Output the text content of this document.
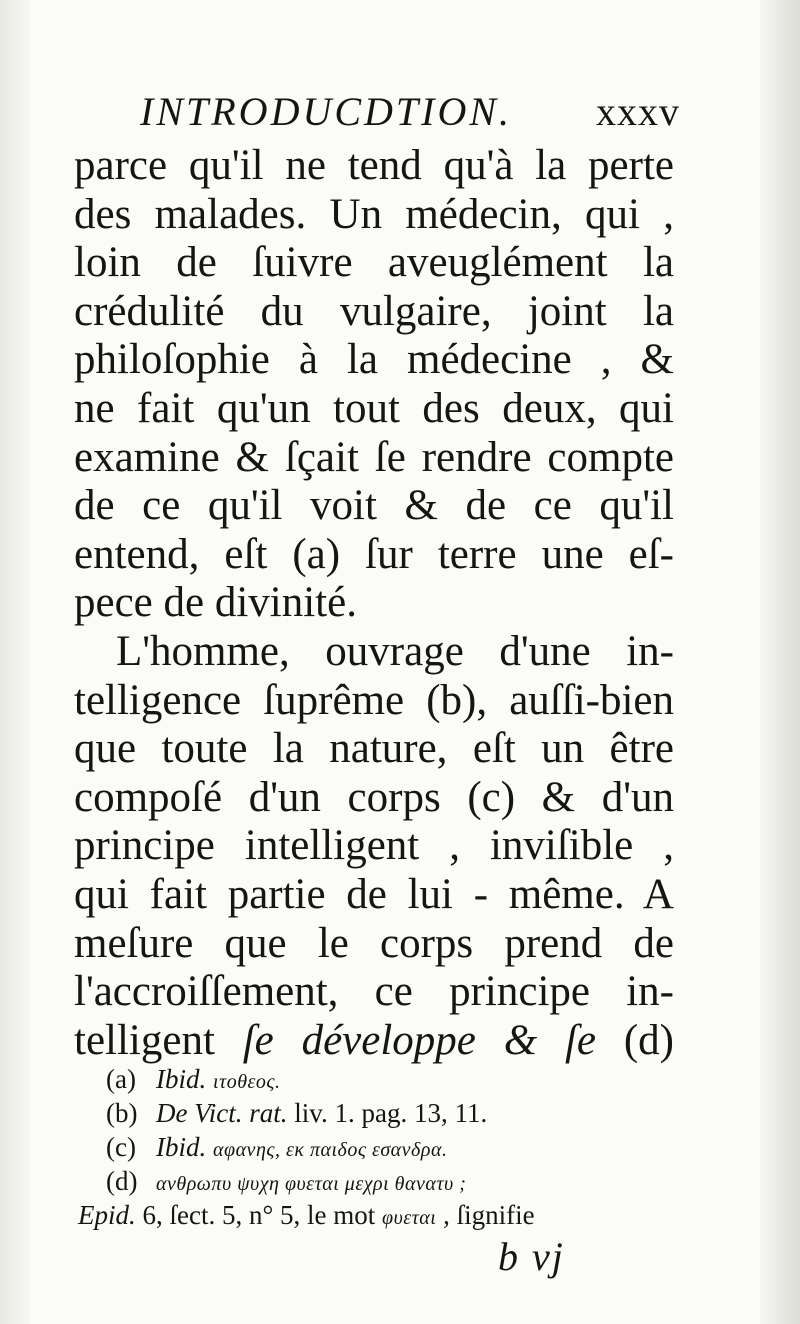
INTRODUCDTION. xxxv
parce qu'il ne tend qu'à la perte
des malades. Un médecin, qui ,
loin de ſuivre aveuglément la
crédulité du vulgaire, joint la
philoſophie à la médecine , &
ne fait qu'un tout des deux, qui
examine & ſçait ſe rendre compte
de ce qu'il voit & de ce qu'il
entend, eſt (a) ſur terre une eſ-
pece de divinité.
L'homme, ouvrage d'une in-
telligence ſuprême (b), auſſi-bien
que toute la nature, eſt un être
compoſé d'un corps (c) & d'un
principe intelligent , inviſible ,
qui fait partie de lui - même. A
meſure que le corps prend de
l'accroiſſement, ce principe in-
telligent ſe développe & ſe (d)
(a) Ibid. ιτοθεος.
(b) De Vict. rat. liv. 1. pag. 13, 11.
(c) Ibid. αφανης, εκ παιδος εσανδρα.
(d) ανθρωπυ ψυχη φυεται μεχρι θανατυ ;
Epid. 6, ſect. 5, n° 5, le mot φυεται , ſignifie
b vj
